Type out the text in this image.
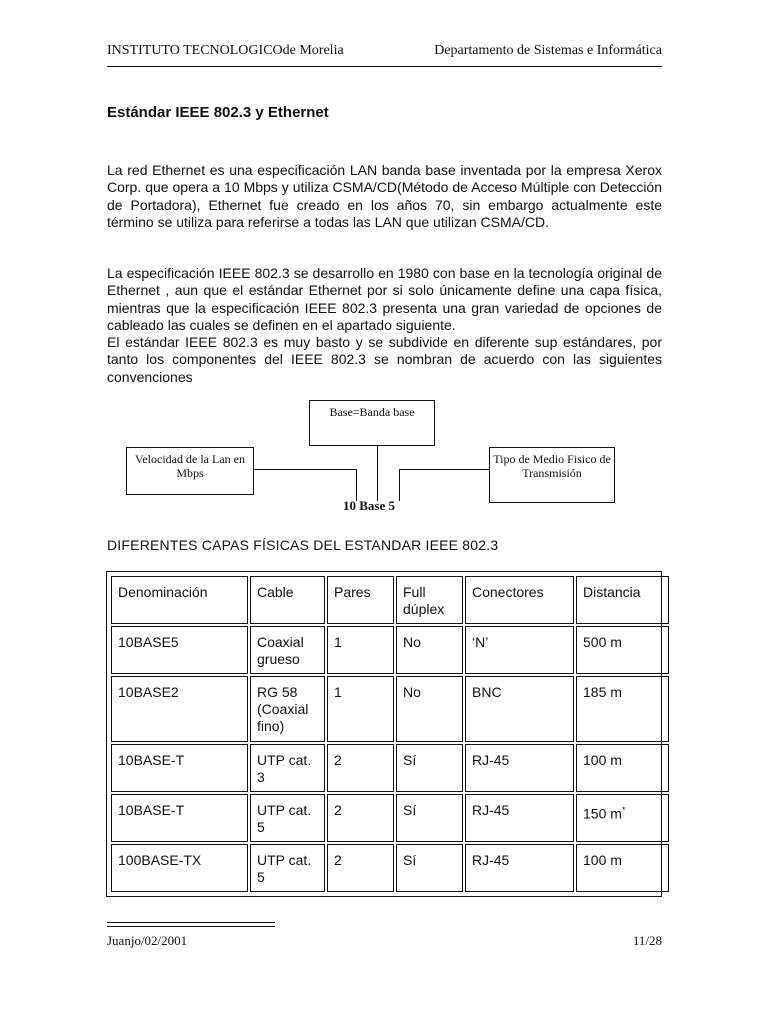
INSTITUTO TECNOLOGICOde Morelia	Departamento de Sistemas e Informática
Estándar IEEE 802.3 y Ethernet

La red Ethernet es una especificación LAN banda base inventada por la empresa Xerox Corp. que opera a 10 Mbps y utiliza CSMA/CD(Método de Acceso Múltiple con Detección de Portadora), Ethernet fue creado en los años 70, sin embargo actualmente este término se utiliza para referirse a todas las LAN que utilizan CSMA/CD.

La especificación IEEE 802.3 se desarrollo en 1980 con base en la tecnología original de Ethernet , aun que el estándar Ethernet por si solo únicamente define una capa física, mientras que la especificación IEEE 802.3 presenta una gran variedad de opciones de cableado las cuales se definen en el apartado siguiente.

El estándar IEEE 802.3 es muy basto y se subdivide en diferente sup estándares, por tanto los componentes del IEEE 802.3 se nombran de acuerdo con las siguientes convenciones

Base=Banda base
Velocidad de la Lan en Mbps
Tipo de Medio Fisico de Transmisión
10 Base 5
DIFERENTES CAPAS FÍSICAS DEL ESTANDAR IEEE 802.3
Denominación	Cable	Pares	Full dúplex	Conectores	Distancia
10BASE5	Coaxial grueso	1	No	‘N’	500 m
10BASE2	RG 58 (Coaxial fino)	1	No	BNC	185 m
10BASE-T	UTP cat. 3	2	Sí	RJ-45	100 m
10BASE-T	UTP cat. 5	2	Sí	RJ-45	150 m*
100BASE-TX	UTP cat. 5	2	Sí	RJ-45	100 m
Juanjo/02/2001	11/28
